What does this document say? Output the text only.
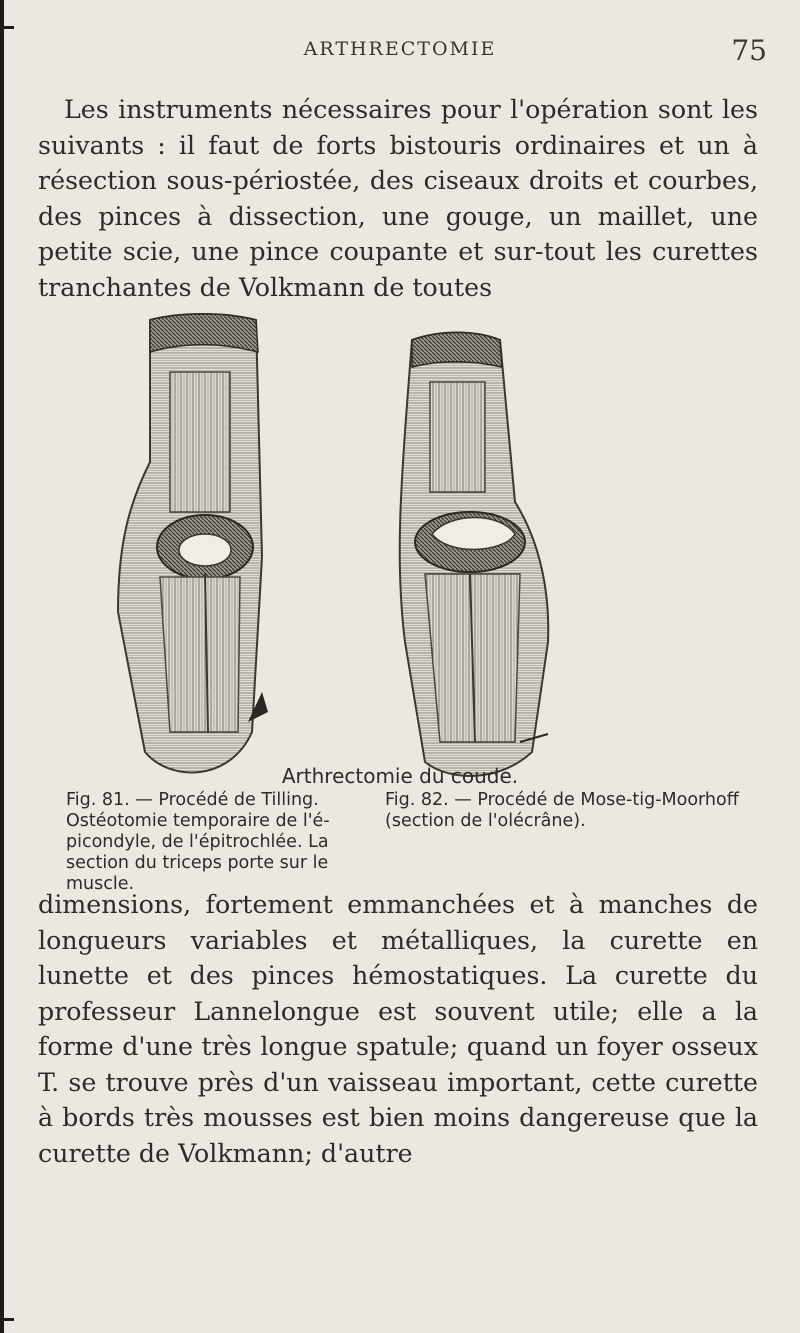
ARTHRECTOMIE	75

Les instruments nécessaires pour l'opération sont les suivants : il faut de forts bistouris ordinaires et un à résection sous-périostée, des ciseaux droits et courbes, des pinces à dissection, une gouge, un maillet, une petite scie, une pince coupante et sur-tout les curettes tranchantes de Volkmann de toutes

Arthrectomie du coude.
Fig. 81. — Procédé de Tilling.
Ostéotomie temporaire de l'é-picondyle, de l'épitrochlée. La section du triceps porte sur le muscle.
Fig. 82. — Procédé de Mose-tig-Moorhoff (section de l'olécrâne).

dimensions, fortement emmanchées et à manches de longueurs variables et métalliques, la curette en lunette et des pinces hémostatiques. La curette du professeur Lannelongue est souvent utile; elle a la forme d'une très longue spatule; quand un foyer osseux T. se trouve près d'un vaisseau important, cette curette à bords très mousses est bien moins dangereuse que la curette de Volkmann; d'autre
